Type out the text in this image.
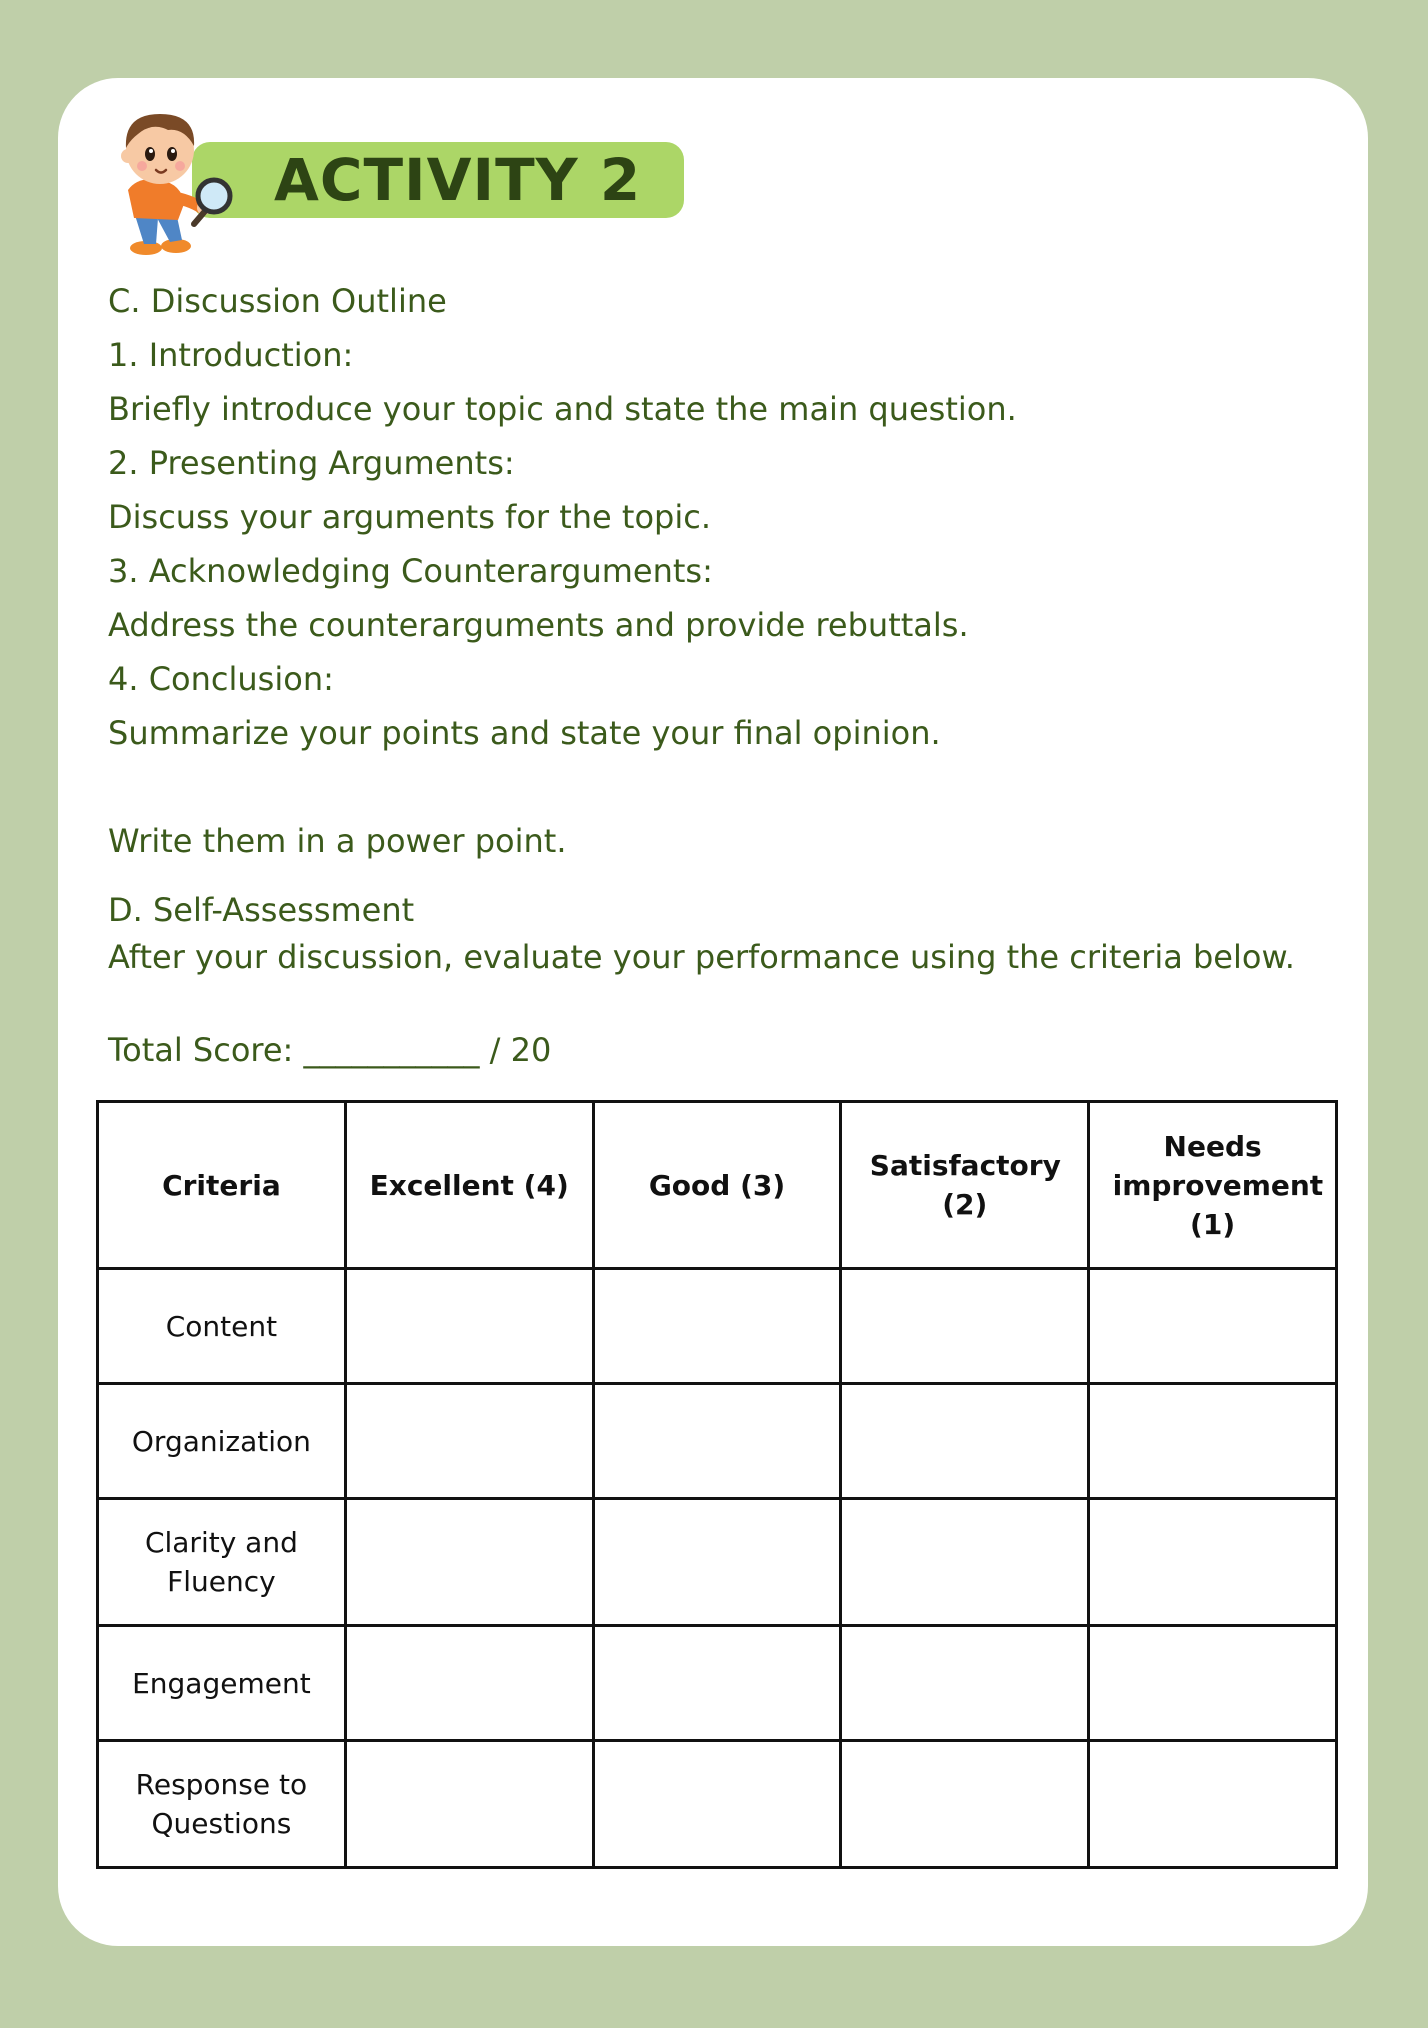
ACTIVITY 2
C. Discussion Outline
1. Introduction:
Briefly introduce your topic and state the main question.
2. Presenting Arguments:
Discuss your arguments for the topic.
3. Acknowledging Counterarguments:
Address the counterarguments and provide rebuttals.
4. Conclusion:
Summarize your points and state your final opinion.
Write them in a power point.
D. Self-Assessment
After your discussion, evaluate your performance using the criteria below.
Total Score: ___________ / 20
Criteria	Excellent (4)	Good (3)	Satisfactory (2)	Needs improvement (1)
Content				
Organization				
Clarity and Fluency				
Engagement				
Response to Questions				
